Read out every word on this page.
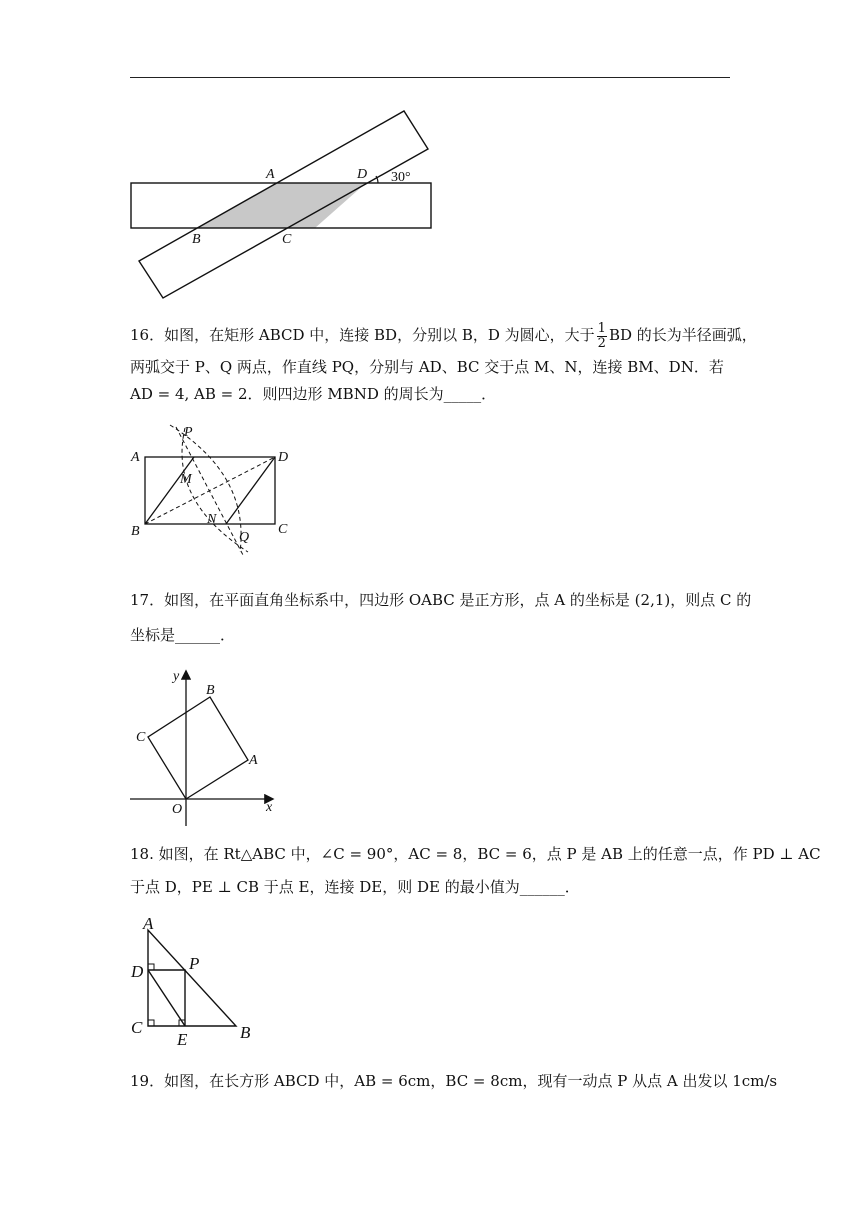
A	D
B	C
30°
16．如图，在矩形 ABCD 中，连接 BD，分别以 B，D 为圆心，大于 $\frac{1}{2}$ BD 的长为半径画弧，
两弧交于 P、Q 两点，作直线 PQ，分别与 AD、BC 交于点 M、N，连接 BM、DN．若
AD = 4, AB = 2．则四边形 MBND 的周长为_____．
A	D
B	C
M
N
P
Q
17．如图，在平面直角坐标系中，四边形 OABC 是正方形，点 A 的坐标是 (2,1)，则点 C 的
坐标是______．
y
x
O
A
B
C
18. 如图，在 Rt△ABC 中，∠C = 90°，AC = 8，BC = 6，点 P 是 AB 上的任意一点，作 PD ⊥ AC
于点 D，PE ⊥ CB 于点 E，连接 DE，则 DE 的最小值为______．
A
D	P
C
E	B
19．如图，在长方形 ABCD 中，AB = 6cm，BC = 8cm，现有一动点 P 从点 A 出发以 1cm/s
